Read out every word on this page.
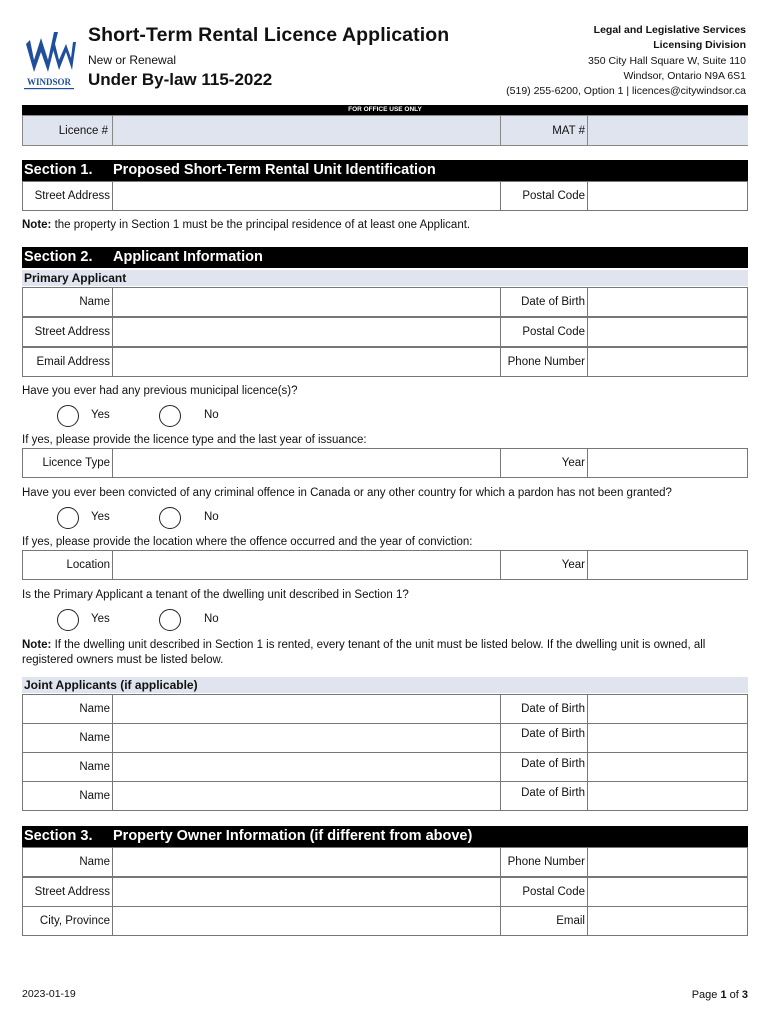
WINDSOR
Short-Term Rental Licence Application
New or Renewal
Under By-law 115-2022
Legal and Legislative Services
Licensing Division
350 City Hall Square W, Suite 110
Windsor, Ontario N9A 6S1
(519) 255-6200, Option 1 | licences@citywindsor.ca
FOR OFFICE USE ONLY
Licence #	MAT #
Section 1. Proposed Short-Term Rental Unit Identification
Street Address	Postal Code
Note: the property in Section 1 must be the principal residence of at least one Applicant.
Section 2. Applicant Information
Primary Applicant
Name	Date of Birth
Street Address	Postal Code
Email Address	Phone Number
Have you ever had any previous municipal licence(s)?
Yes	No
If yes, please provide the licence type and the last year of issuance:
Licence Type	Year
Have you ever been convicted of any criminal offence in Canada or any other country for which a pardon has not been granted?
Yes	No
If yes, please provide the location where the offence occurred and the year of conviction:
Location	Year
Is the Primary Applicant a tenant of the dwelling unit described in Section 1?
Yes	No
Note: If the dwelling unit described in Section 1 is rented, every tenant of the unit must be listed below. If the dwelling unit is owned, all registered owners must be listed below.
Joint Applicants (if applicable)
Name	Date of Birth
Name	Date of Birth
Name	Date of Birth
Name	Date of Birth
Section 3. Property Owner Information (if different from above)
Name	Phone Number
Street Address	Postal Code
City, Province	Email
2023-01-19	Page 1 of 3
